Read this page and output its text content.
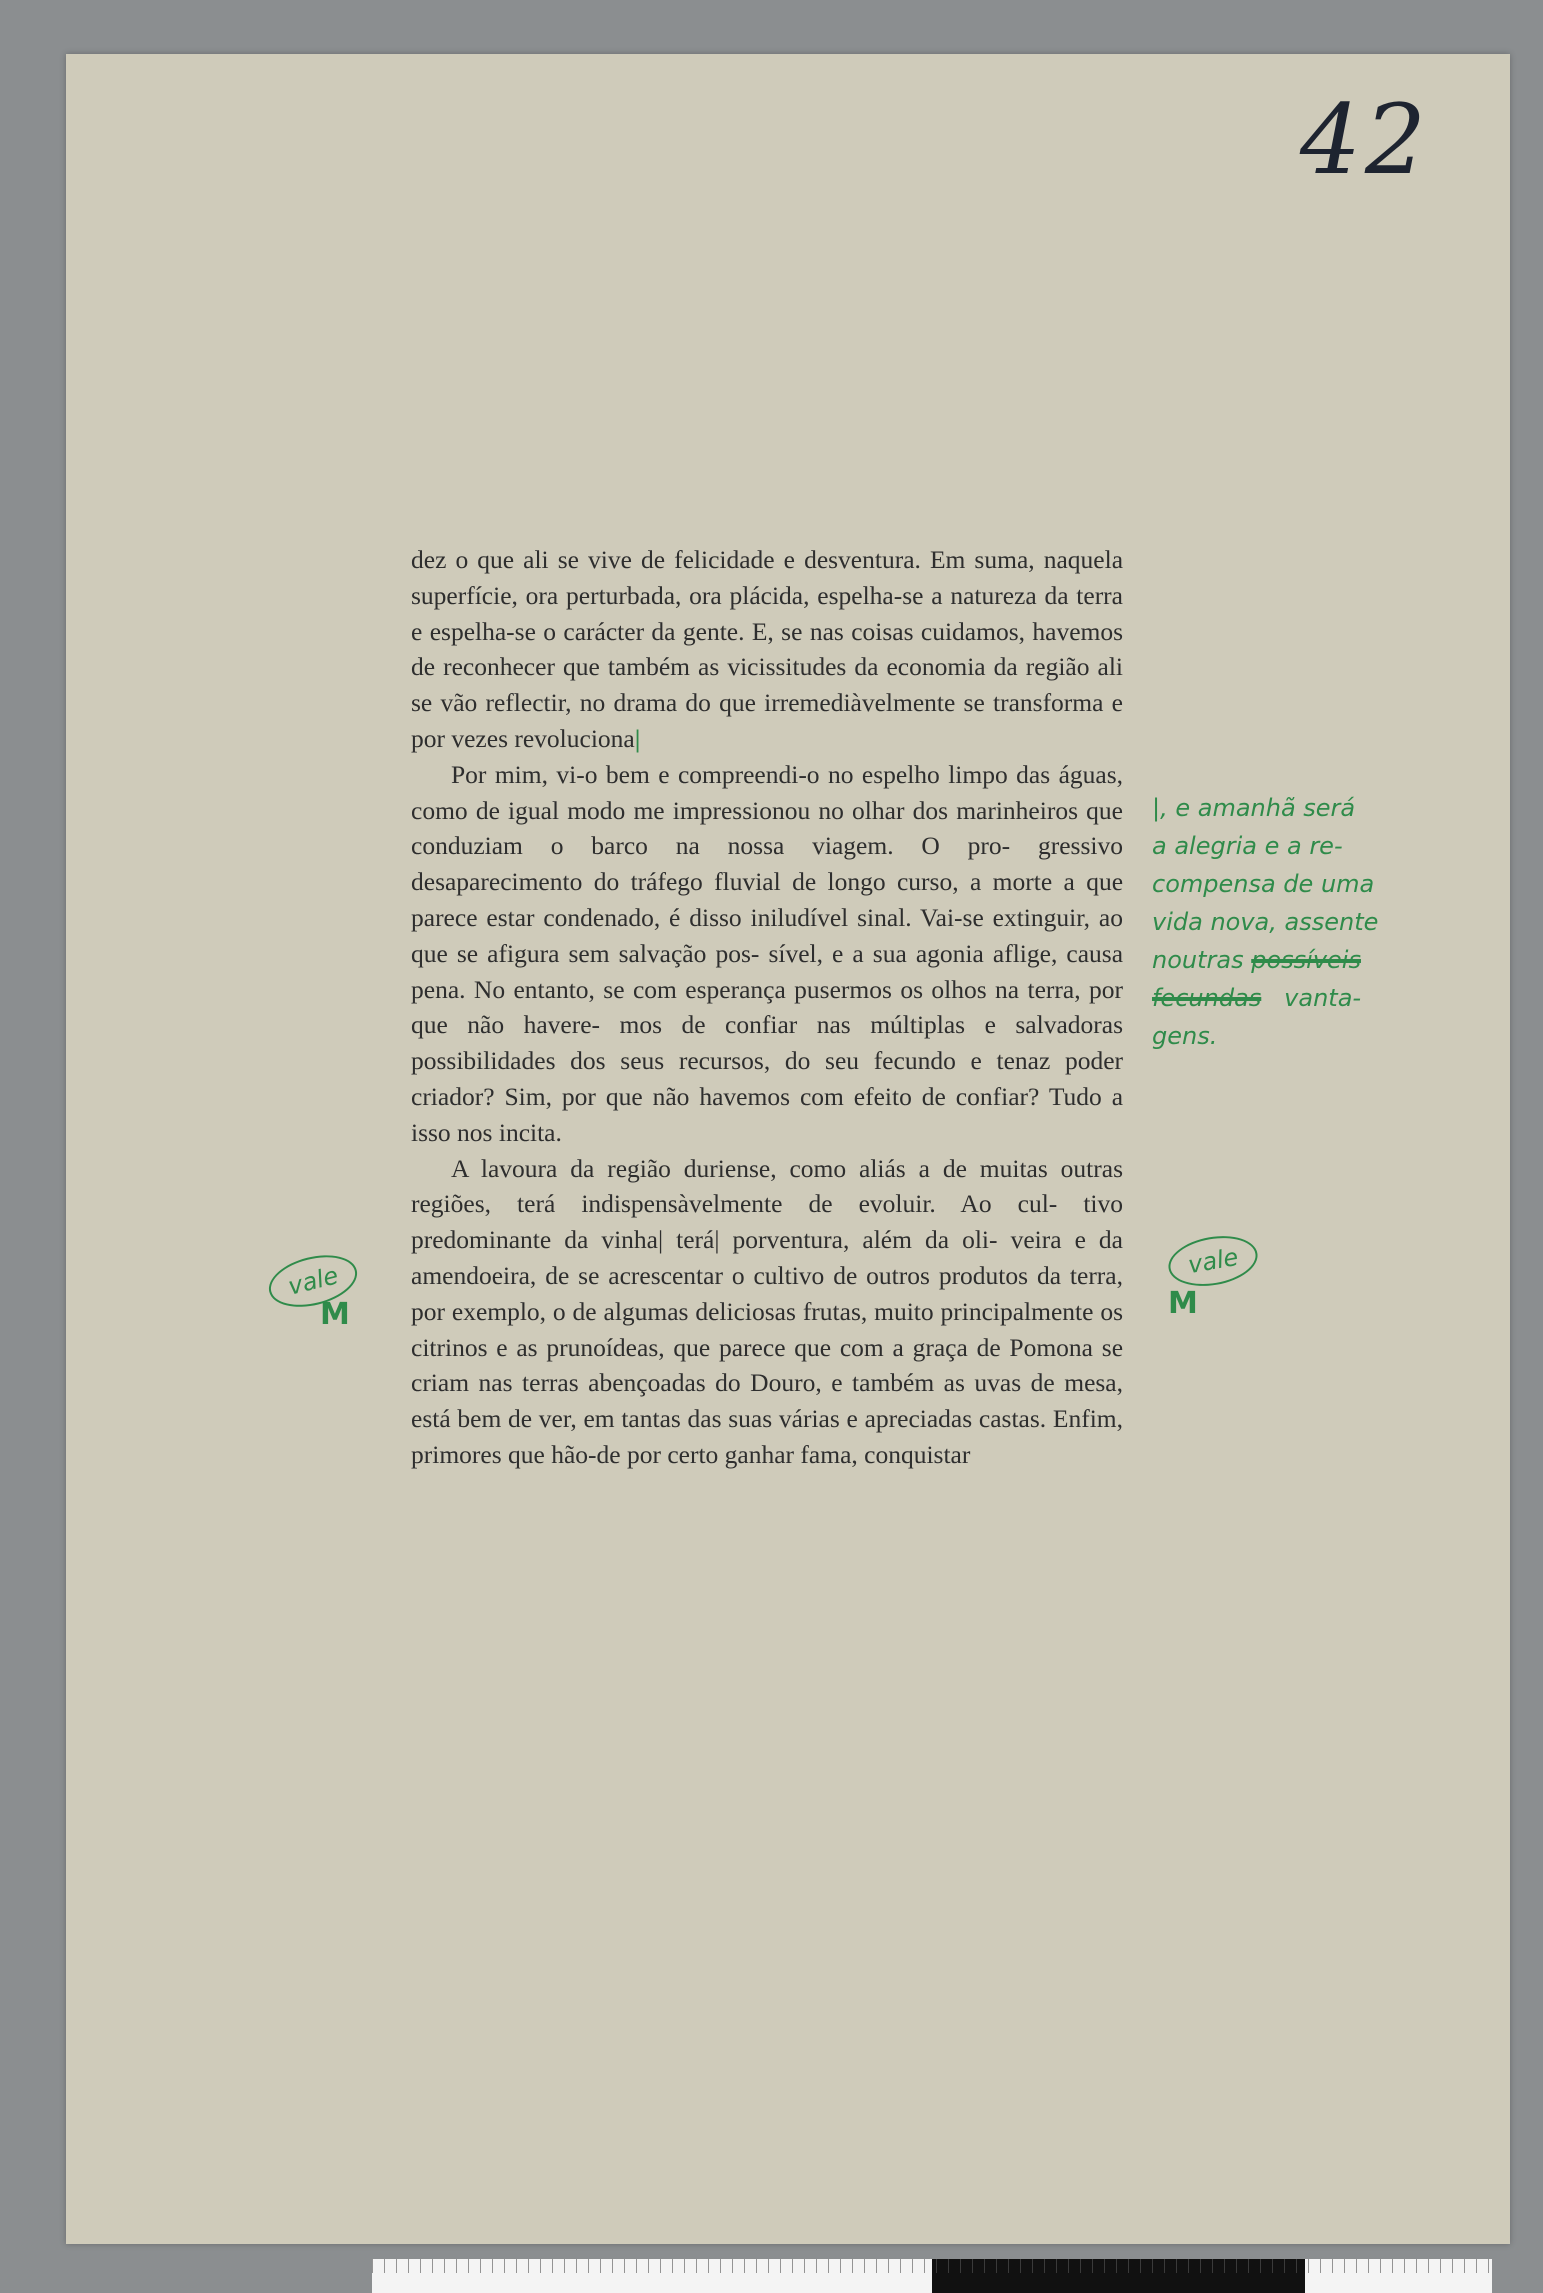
42

dez o que ali se vive de felicidade e desventura. Em suma, naquela superfície, ora perturbada, ora plácida, espelha-se a natureza da terra e espelha-se o carácter da gente. E, se nas coisas cuidamos, havemos de reconhecer que também as vicissitudes da economia da região ali se vão reflectir, no drama do que irremediàvelmente se transforma e por vezes revoluciona|

Por mim, vi-o bem e compreendi-o no espelho limpo das águas, como de igual modo me impressionou no olhar dos marinheiros que conduziam o barco na nossa viagem. O pro- gressivo desaparecimento do tráfego fluvial de longo curso, a morte a que parece estar condenado, é disso iniludível sinal. Vai-se extinguir, ao que se afigura sem salvação pos- sível, e a sua agonia aflige, causa pena. No entanto, se com esperança pusermos os olhos na terra, por que não havere- mos de confiar nas múltiplas e salvadoras possibilidades dos seus recursos, do seu fecundo e tenaz poder criador? Sim, por que não havemos com efeito de confiar? Tudo a isso nos incita.

A lavoura da região duriense, como aliás a de muitas outras regiões, terá indispensàvelmente de evoluir. Ao cul- tivo predominante da vinha| terá| porventura, além da oli- veira e da amendoeira, de se acrescentar o cultivo de outros produtos da terra, por exemplo, o de algumas deliciosas frutas, muito principalmente os citrinos e as prunoídeas, que parece que com a graça de Pomona se criam nas terras abençoadas do Douro, e também as uvas de mesa, está bem de ver, em tantas das suas várias e apreciadas castas. Enfim, primores que hão-de por certo ganhar fama, conquistar

|, e amanhã será
a alegria e a re-
compensa de uma
vida nova, assente
noutras possíveis
fecundas vanta-
gens.
vale
M
vale
M
